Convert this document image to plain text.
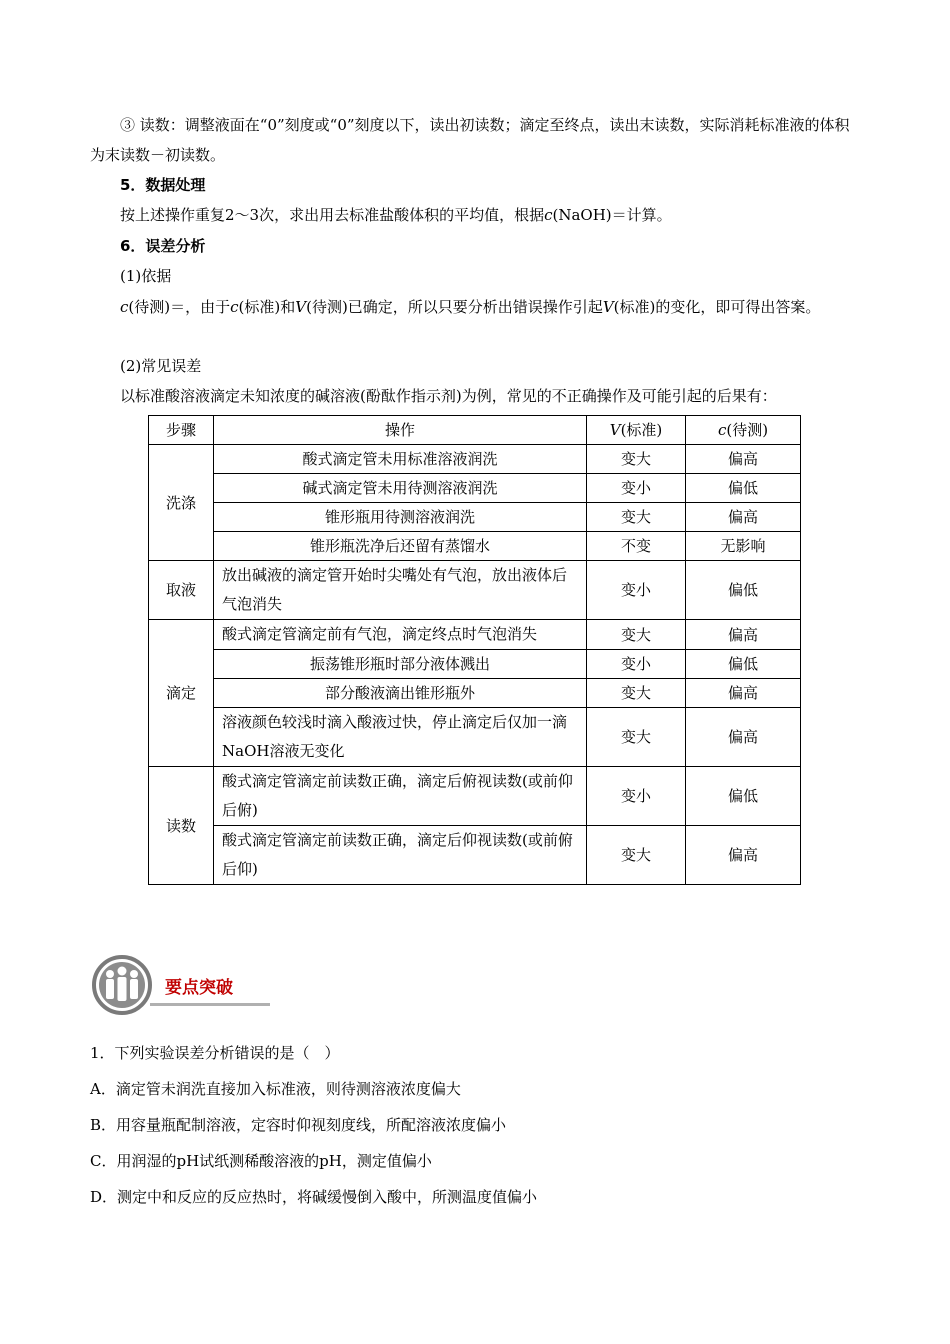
③ 读数：调整液面在“0”刻度或“0”刻度以下，读出初读数；滴定至终点，读出末读数，实际消耗标准液的体积为末读数－初读数。
5．数据处理
按上述操作重复2～3次，求出用去标准盐酸体积的平均值，根据c(NaOH)＝计算。
6．误差分析
(1)依据
c(待测)＝，由于c(标准)和V(待测)已确定，所以只要分析出错误操作引起V(标准)的变化，即可得出答案。
(2)常见误差
以标准酸溶液滴定未知浓度的碱溶液(酚酞作指示剂)为例，常见的不正确操作及可能引起的后果有：
步骤	操作	V(标准)	c(待测)
洗涤	酸式滴定管未用标准溶液润洗	变大	偏高
	碱式滴定管未用待测溶液润洗	变小	偏低
	锥形瓶用待测溶液润洗	变大	偏高
	锥形瓶洗净后还留有蒸馏水	不变	无影响
取液	放出碱液的滴定管开始时尖嘴处有气泡，放出液体后气泡消失	变小	偏低
滴定	酸式滴定管滴定前有气泡，滴定终点时气泡消失	变大	偏高
	振荡锥形瓶时部分液体溅出	变小	偏低
	部分酸液滴出锥形瓶外	变大	偏高
	溶液颜色较浅时滴入酸液过快，停止滴定后仅加一滴NaOH溶液无变化	变大	偏高
读数	酸式滴定管滴定前读数正确，滴定后俯视读数(或前仰后俯)	变小	偏低
	酸式滴定管滴定前读数正确，滴定后仰视读数(或前俯后仰)	变大	偏高
要点突破
1．下列实验误差分析错误的是（　）
A．滴定管未润洗直接加入标准液，则待测溶液浓度偏大
B．用容量瓶配制溶液，定容时仰视刻度线，所配溶液浓度偏小
C．用润湿的pH试纸测稀酸溶液的pH，测定值偏小
D．测定中和反应的反应热时，将碱缓慢倒入酸中，所测温度值偏小
